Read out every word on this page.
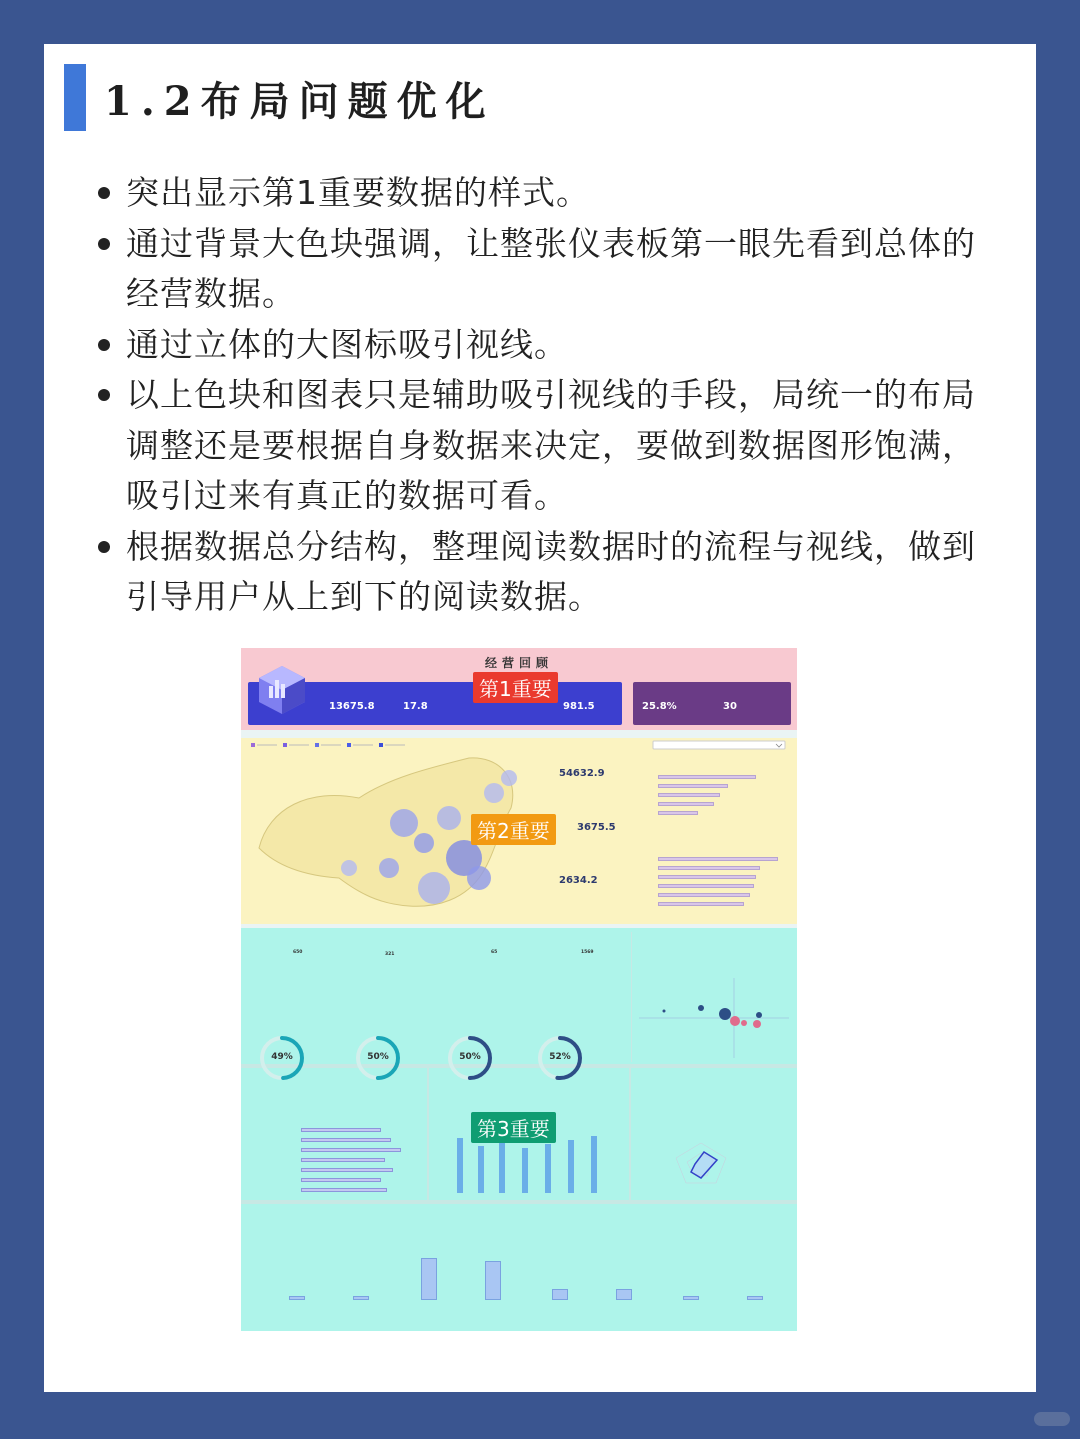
1.2布局问题优化
突出显示第1重要数据的样式。
通过背景大色块强调，让整张仪表板第一眼先看到总体的经营数据。
通过立体的大图标吸引视线。
以上色块和图表只是辅助吸引视线的手段，局统一的布局调整还是要根据自身数据来决定，要做到数据图形饱满，吸引过来有真正的数据可看。
根据数据总分结构，整理阅读数据时的流程与视线，做到引导用户从上到下的阅读数据。
经营回顾

13675.8
	17.8
	981.5
	25.8%
	30
54632.9
3675.5
2634.2
650	321	65	1569
49%	50%	50%	52%
第1重要
第2重要
第3重要
